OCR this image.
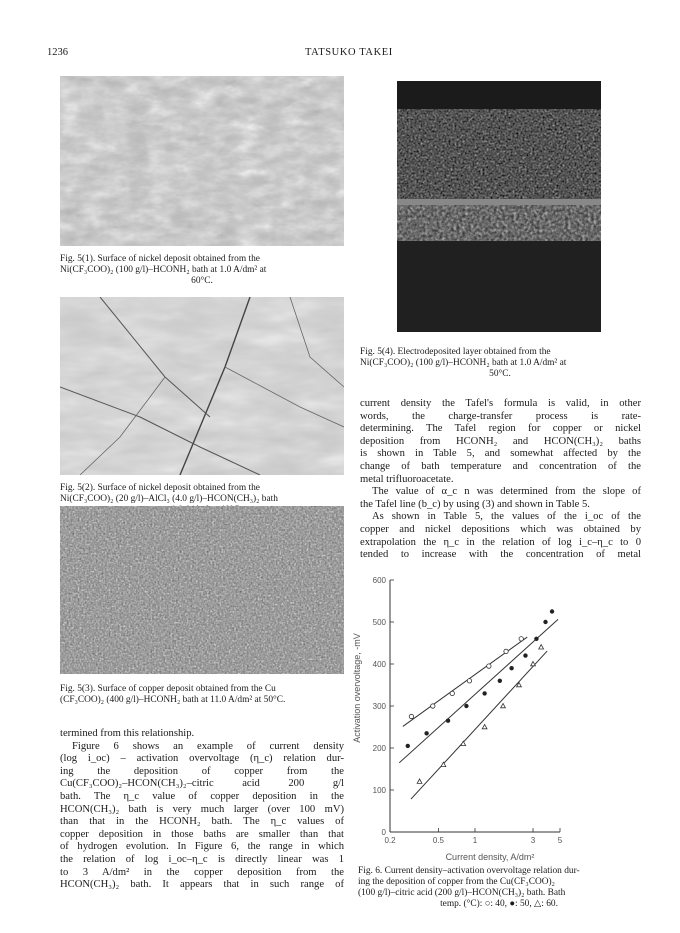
1236	TATSUKO TAKEI
Fig. 5(1). Surface of nickel deposit obtained from the
Ni(CF₃COO)₂ (100 g/l)–HCONH₂ bath at 1.0 A/dm² at

60°C.
Fig. 5(2). Surface of nickel deposit obtained from the
Ni(CF₃COO)₂ (20 g/l)–AlCl₃ (4.0 g/l)–HCON(CH₃)₂ bath

Fig. 5(3). Surface of copper deposit obtained from the Cu
(CF₃COO)₂ (400 g/l)–HCONH₂ bath at 11.0 A/dm² at 50°C.
Fig. 5(4). Electrodeposited layer obtained from the
Ni(CF₃COO)₂ (100 g/l)–HCONH₂ bath at 1.0 A/dm² at

50°C.
current density the Tafel's formula is valid, in other
words, the charge-transfer process is rate-
determining. The Tafel region for copper or nickel
deposition from HCONH₂ and HCON(CH₃)₂ baths
is shown in Table 5, and somewhat affected by the
change of bath temperature and concentration of the
metal trifluoroacetate.
The value of α_c n was determined from the slope of
the Tafel line (b_c) by using (3) and shown in Table 5.
As shown in Table 5, the values of the i_oc of the
copper and nickel depositions which was obtained by
extrapolation the η_c in the relation of log i_c–η_c to 0
tended to increase with the concentration of metal
termined from this relationship.
Figure 6 shows an example of current density
(log i_oc) – activation overvoltage (η_c) relation dur-
ing the deposition of copper from the
Cu(CF₃COO)₂–HCON(CH₃)₂–citric acid 200 g/l
bath. The η_c value of copper deposition in the
HCON(CH₃)₂ bath is very much larger (over 100 mV)
than that in the HCONH₂ bath. The η_c values of
copper deposition in those baths are smaller than that
of hydrogen evolution. In Figure 6, the range in which
the relation of log i_oc–η_c is directly linear was 1
to 3 A/dm² in the copper deposition from the
HCON(CH₃)₂ bath. It appears that in such range of
0
100
200
300
400
500
600
0.2	0.5	1	3	5
Activation overvoltage, -mV
Current density, A/dm²
Fig. 6. Current density–activation overvoltage relation dur-
ing the deposition of copper from the Cu(CF₃COO)₂
(100 g/l)–citric acid (200 g/l)–HCON(CH₃)₂ bath. Bath

temp. (°C): ○: 40, ●: 50, △: 60.
